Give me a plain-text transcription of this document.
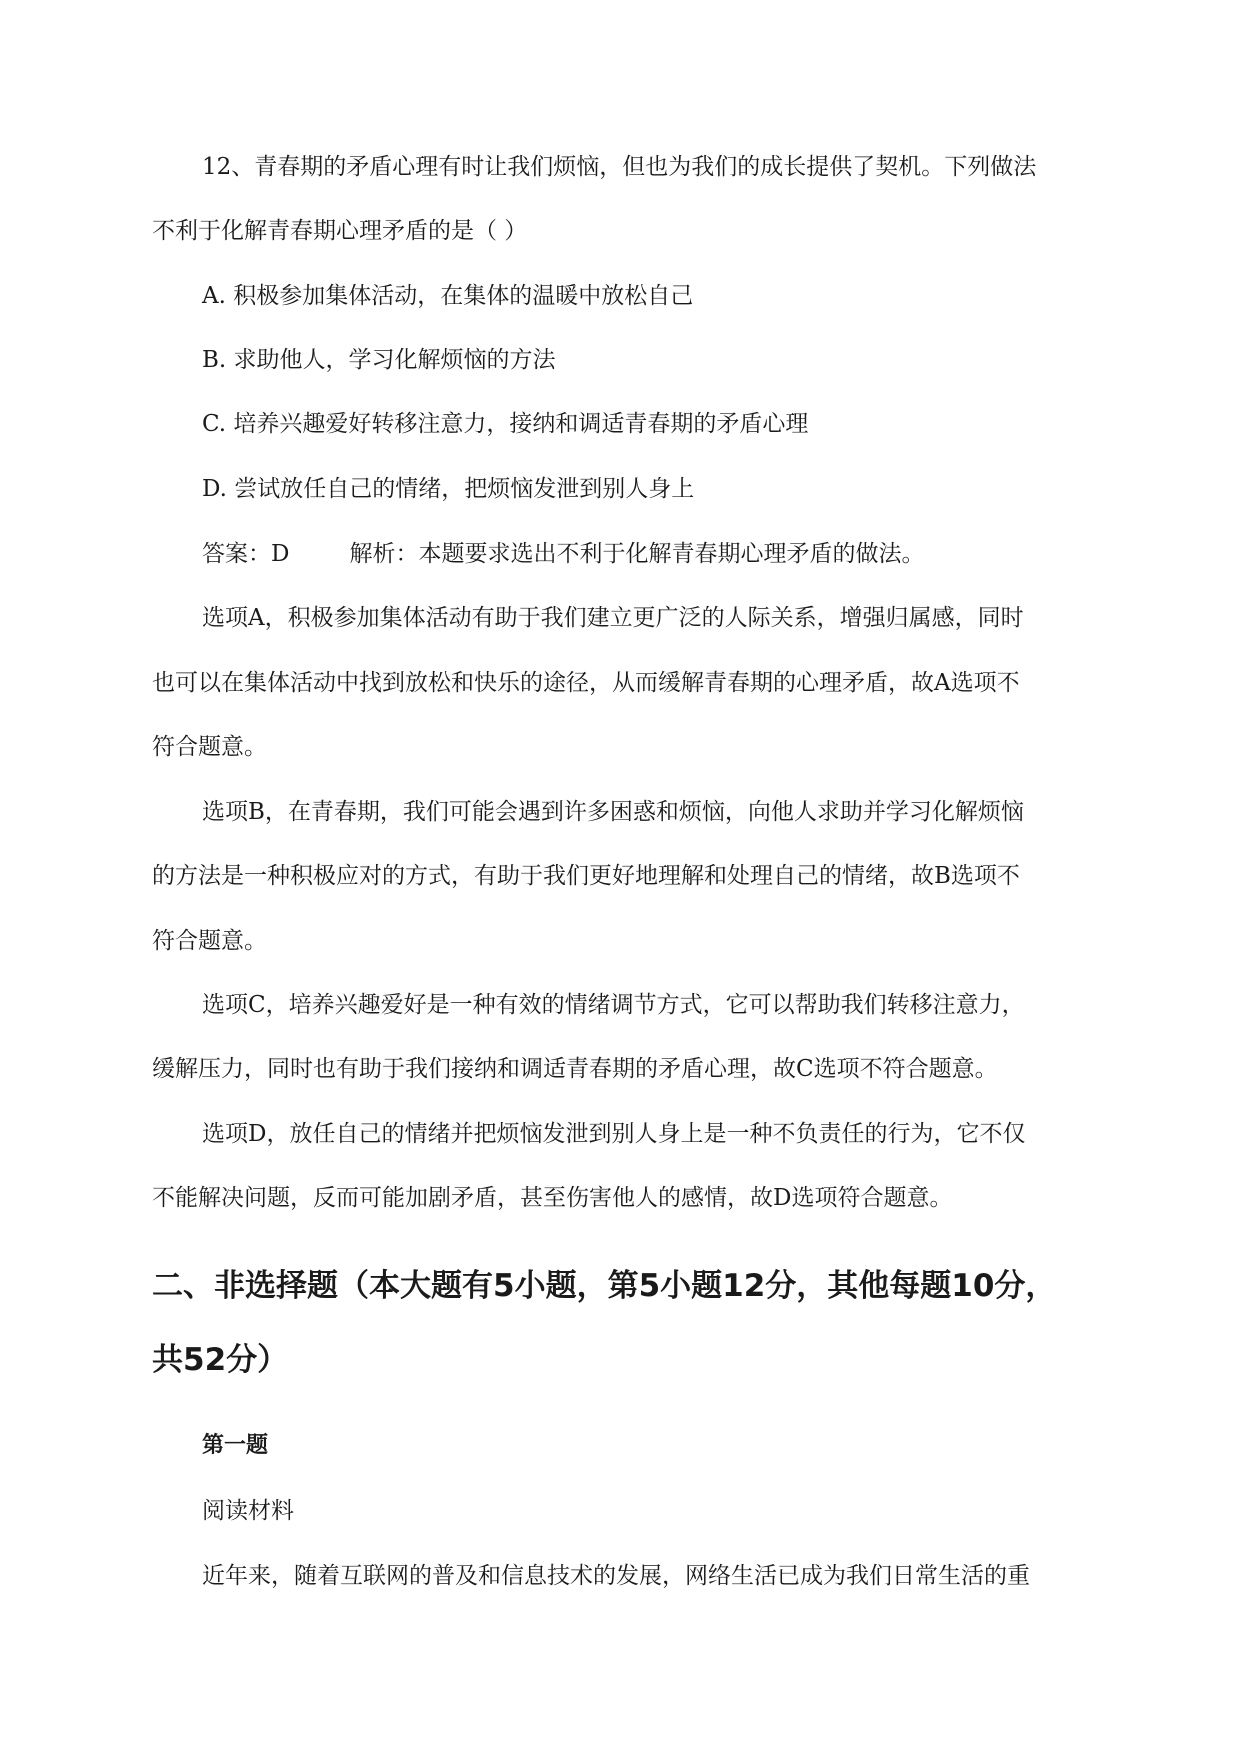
12、青春期的矛盾心理有时让我们烦恼，但也为我们的成长提供了契机。下列做法
不利于化解青春期心理矛盾的是（ ）
A. 积极参加集体活动，在集体的温暖中放松自己
B. 求助他人，学习化解烦恼的方法
C. 培养兴趣爱好转移注意力，接纳和调适青春期的矛盾心理
D. 尝试放任自己的情绪，把烦恼发泄到别人身上
答案：D	解析：本题要求选出不利于化解青春期心理矛盾的做法。
选项A，积极参加集体活动有助于我们建立更广泛的人际关系，增强归属感，同时
也可以在集体活动中找到放松和快乐的途径，从而缓解青春期的心理矛盾，故A选项不
符合题意。
选项B，在青春期，我们可能会遇到许多困惑和烦恼，向他人求助并学习化解烦恼
的方法是一种积极应对的方式，有助于我们更好地理解和处理自己的情绪，故B选项不
符合题意。
选项C，培养兴趣爱好是一种有效的情绪调节方式，它可以帮助我们转移注意力，
缓解压力，同时也有助于我们接纳和调适青春期的矛盾心理，故C选项不符合题意。
选项D，放任自己的情绪并把烦恼发泄到别人身上是一种不负责任的行为，它不仅
不能解决问题，反而可能加剧矛盾，甚至伤害他人的感情，故D选项符合题意。
二、非选择题（本大题有5小题，第5小题12分，其他每题10分，
共52分）
第一题
阅读材料
近年来，随着互联网的普及和信息技术的发展，网络生活已成为我们日常生活的重
